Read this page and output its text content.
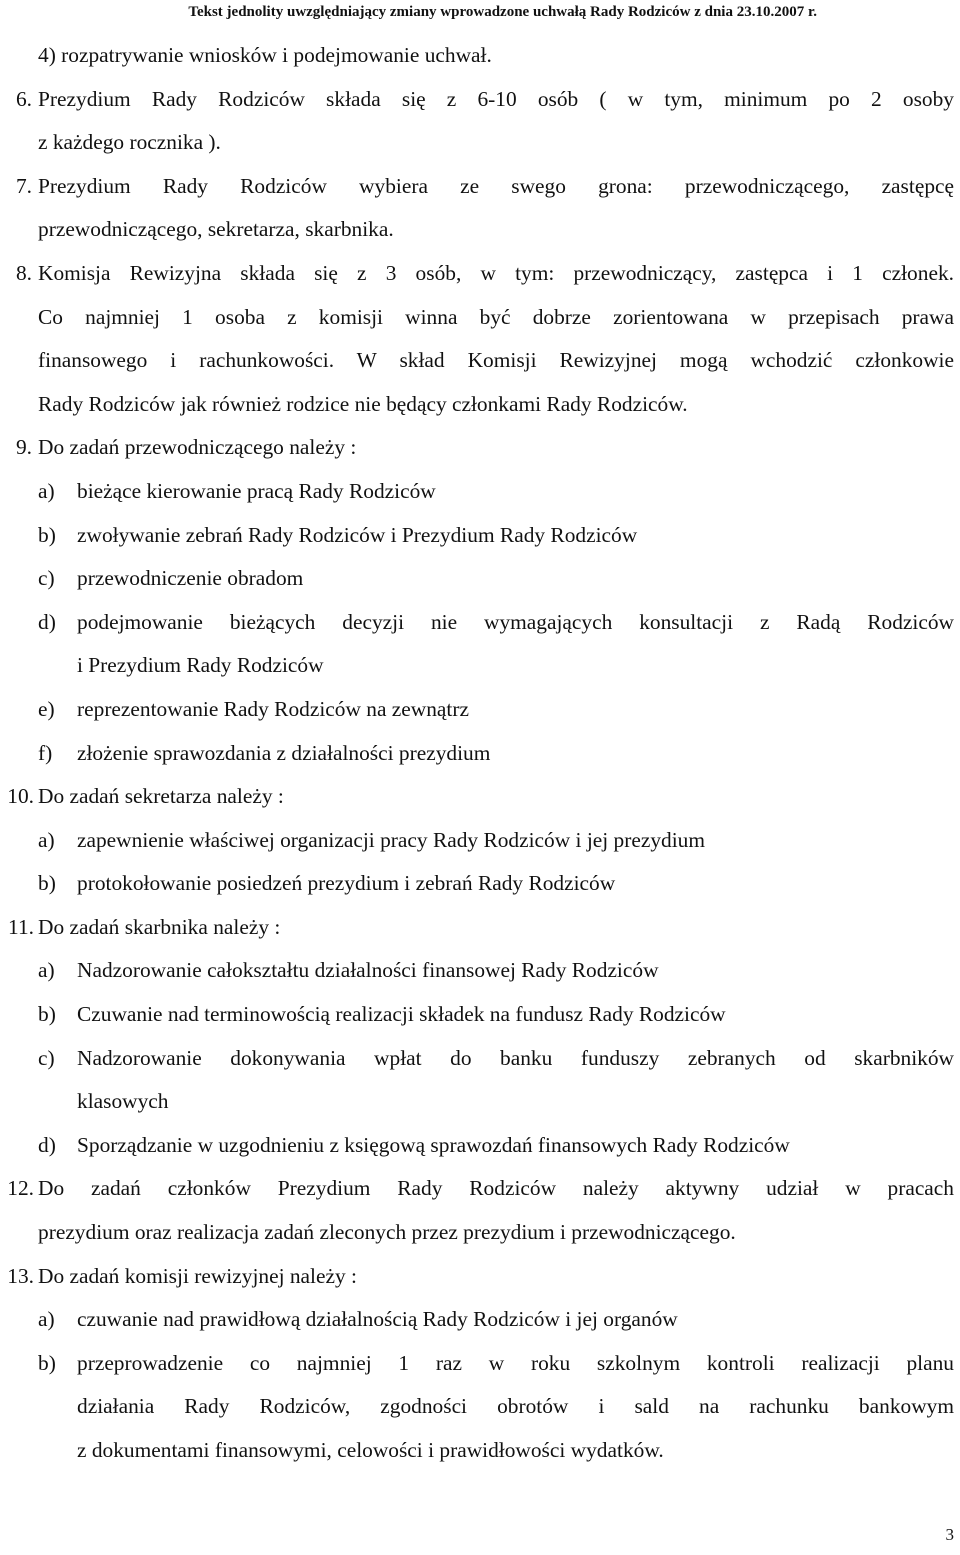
Tekst jednolity uwzględniający zmiany wprowadzone uchwałą Rady Rodziców z dnia 23.10.2007 r.
4) rozpatrywanie wniosków i podejmowanie uchwał.
6. Prezydium Rady Rodziców składa się z 6-10 osób ( w tym, minimum po 2 osoby
z każdego rocznika ).
7. Prezydium Rady Rodziców wybiera ze swego grona: przewodniczącego, zastępcę
przewodniczącego, sekretarza, skarbnika.
8. Komisja Rewizyjna składa się z 3 osób, w tym: przewodniczący, zastępca i 1 członek.
Co najmniej 1 osoba z komisji winna być dobrze zorientowana w przepisach prawa
finansowego i rachunkowości. W skład Komisji Rewizyjnej mogą wchodzić członkowie
Rady Rodziców jak również rodzice nie będący członkami Rady Rodziców.
9. Do zadań przewodniczącego należy :
a) bieżące kierowanie pracą Rady Rodziców
b) zwoływanie zebrań Rady Rodziców i Prezydium Rady Rodziców
c) przewodniczenie obradom
d) podejmowanie bieżących decyzji nie wymagających konsultacji z Radą Rodziców
i Prezydium Rady Rodziców
e) reprezentowanie Rady Rodziców na zewnątrz
f) złożenie sprawozdania z działalności prezydium
10. Do zadań sekretarza należy :
a) zapewnienie właściwej organizacji pracy Rady Rodziców i jej prezydium
b) protokołowanie posiedzeń prezydium i zebrań Rady Rodziców
11. Do zadań skarbnika należy :
a) Nadzorowanie całokształtu działalności finansowej Rady Rodziców
b) Czuwanie nad terminowością realizacji składek na fundusz Rady Rodziców
c) Nadzorowanie dokonywania wpłat do banku funduszy zebranych od skarbników
klasowych
d) Sporządzanie w uzgodnieniu z księgową sprawozdań finansowych Rady Rodziców
12. Do zadań członków Prezydium Rady Rodziców należy aktywny udział w pracach
prezydium oraz realizacja zadań zleconych przez prezydium i przewodniczącego.
13. Do zadań komisji rewizyjnej należy :
a) czuwanie nad prawidłową działalnością Rady Rodziców i jej organów
b) przeprowadzenie co najmniej 1 raz w roku szkolnym kontroli realizacji planu
działania Rady Rodziców, zgodności obrotów i sald na rachunku bankowym
z dokumentami finansowymi, celowości i prawidłowości wydatków.
3
